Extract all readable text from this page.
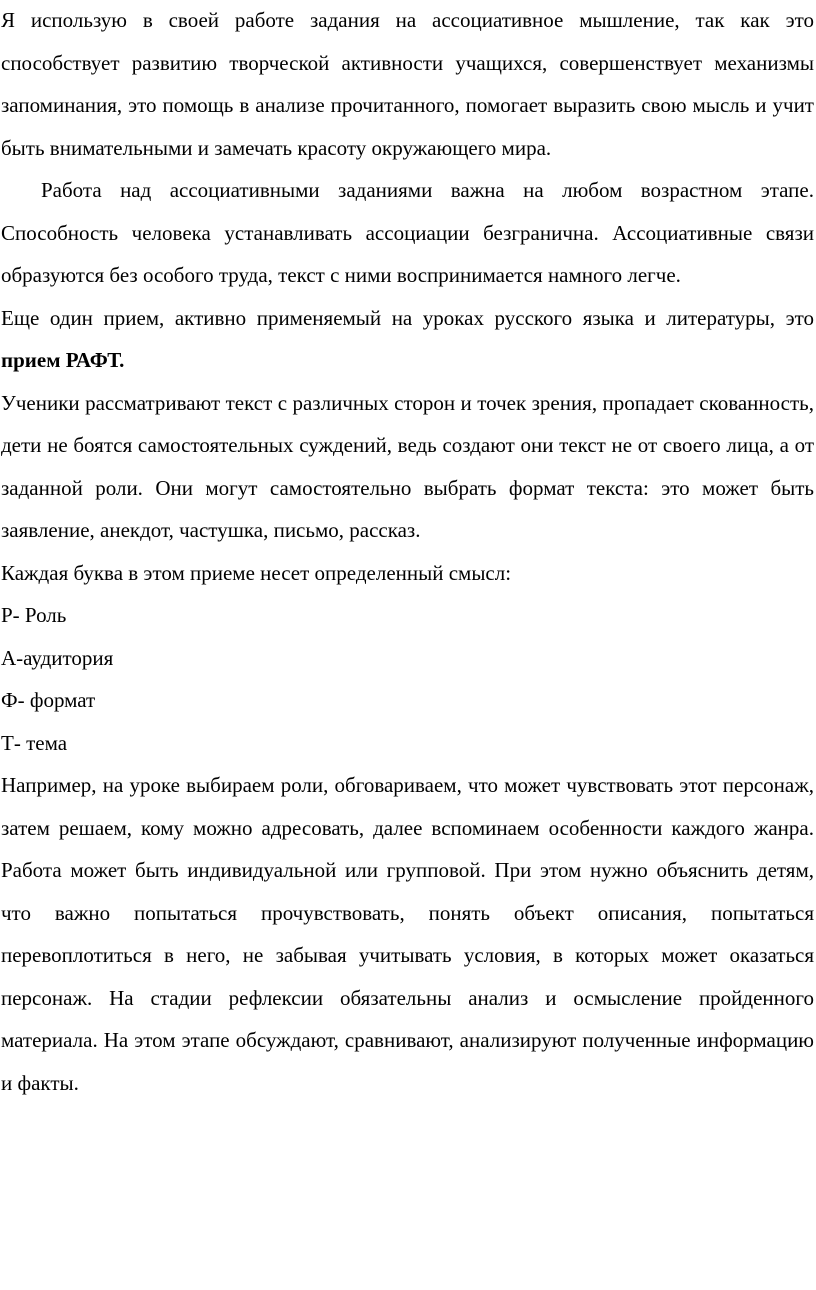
Я использую в своей работе задания на ассоциативное мышление, так как это способствует развитию творческой активности учащихся, совершенствует механизмы запоминания, это помощь в анализе прочитанного, помогает выразить свою мысль и учит быть внимательными и замечать красоту окружающего мира.

Работа над ассоциативными заданиями важна на любом возрастном этапе. Способность человека устанавливать ассоциации безгранична. Ассоциативные связи образуются без особого труда, текст с ними воспринимается намного легче.

Еще один прием, активно применяемый на уроках русского языка и литературы, это прием РАФТ.

Ученики рассматривают текст с различных сторон и точек зрения, пропадает скованность, дети не боятся самостоятельных суждений, ведь создают они текст не от своего лица, а от заданной роли. Они могут самостоятельно выбрать формат текста: это может быть заявление, анекдот, частушка, письмо, рассказ.

Каждая буква в этом приеме несет определенный смысл:

Р- Роль

А-аудитория

Ф- формат

Т- тема

Например, на уроке выбираем роли, обговариваем, что может чувствовать этот персонаж, затем решаем, кому можно адресовать, далее вспоминаем особенности каждого жанра. Работа может быть индивидуальной или групповой. При этом нужно объяснить детям, что важно попытаться прочувствовать, понять объект описания, попытаться перевоплотиться в него, не забывая учитывать условия, в которых может оказаться персонаж. На стадии рефлексии обязательны анализ и осмысление пройденного материала. На этом этапе обсуждают, сравнивают, анализируют полученные информацию и факты.
